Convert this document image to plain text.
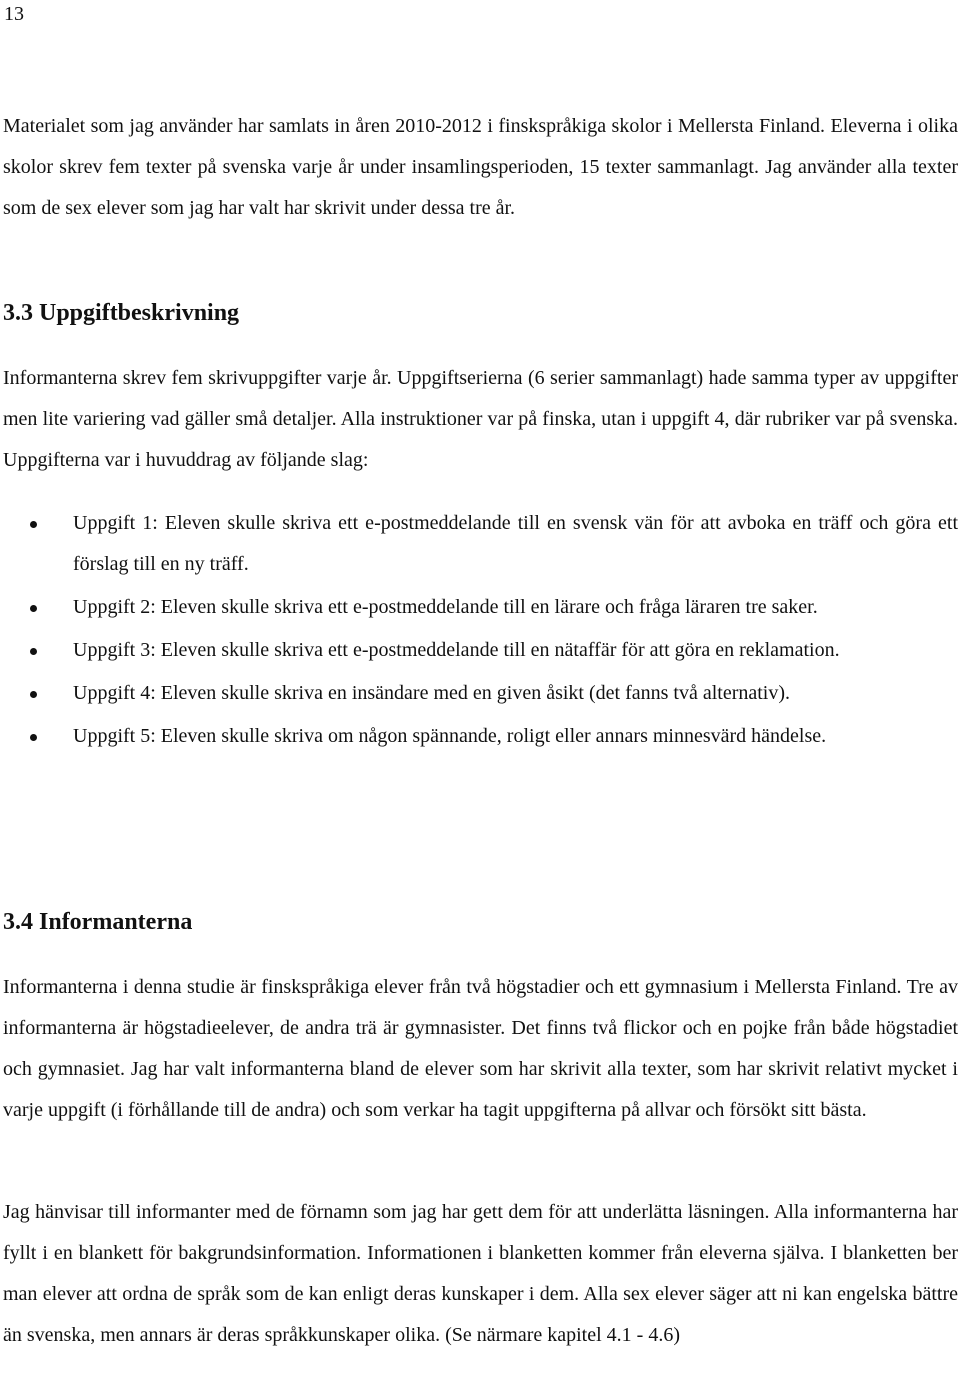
13

Materialet som jag använder har samlats in åren 2010-2012 i finskspråkiga skolor i Mellersta Finland. Eleverna i olika skolor skrev fem texter på svenska varje år under insamlingsperioden, 15 texter sammanlagt. Jag använder alla texter som de sex elever som jag har valt har skrivit under dessa tre år.

3.3 Uppgiftbeskrivning

Informanterna skrev fem skrivuppgifter varje år. Uppgiftserierna (6 serier sammanlagt) hade samma typer av uppgifter men lite variering vad gäller små detaljer. Alla instruktioner var på finska, utan i uppgift 4, där rubriker var på svenska. Uppgifterna var i huvuddrag av följande slag:

Uppgift 1: Eleven skulle skriva ett e-postmeddelande till en svensk vän för att avboka en träff och göra ett förslag till en ny träff.
Uppgift 2: Eleven skulle skriva ett e-postmeddelande till en lärare och fråga läraren tre saker.
Uppgift 3: Eleven skulle skriva ett e-postmeddelande till en nätaffär för att göra en reklamation.
Uppgift 4: Eleven skulle skriva en insändare med en given åsikt (det fanns två alternativ).
Uppgift 5: Eleven skulle skriva om någon spännande, roligt eller annars minnesvärd händelse.
3.4 Informanterna

Informanterna i denna studie är finskspråkiga elever från två högstadier och ett gymnasium i Mellersta Finland. Tre av informanterna är högstadieelever, de andra trä är gymnasister. Det finns två flickor och en pojke från både högstadiet och gymnasiet. Jag har valt informanterna bland de elever som har skrivit alla texter, som har skrivit relativt mycket i varje uppgift (i förhållande till de andra) och som verkar ha tagit uppgifterna på allvar och försökt sitt bästa.

Jag hänvisar till informanter med de förnamn som jag har gett dem för att underlätta läsningen. Alla informanterna har fyllt i en blankett för bakgrundsinformation. Informationen i blanketten kommer från eleverna själva. I blanketten ber man elever att ordna de språk som de kan enligt deras kunskaper i dem. Alla sex elever säger att ni kan engelska bättre än svenska, men annars är deras språkkunskaper olika. (Se närmare kapitel 4.1 - 4.6)
